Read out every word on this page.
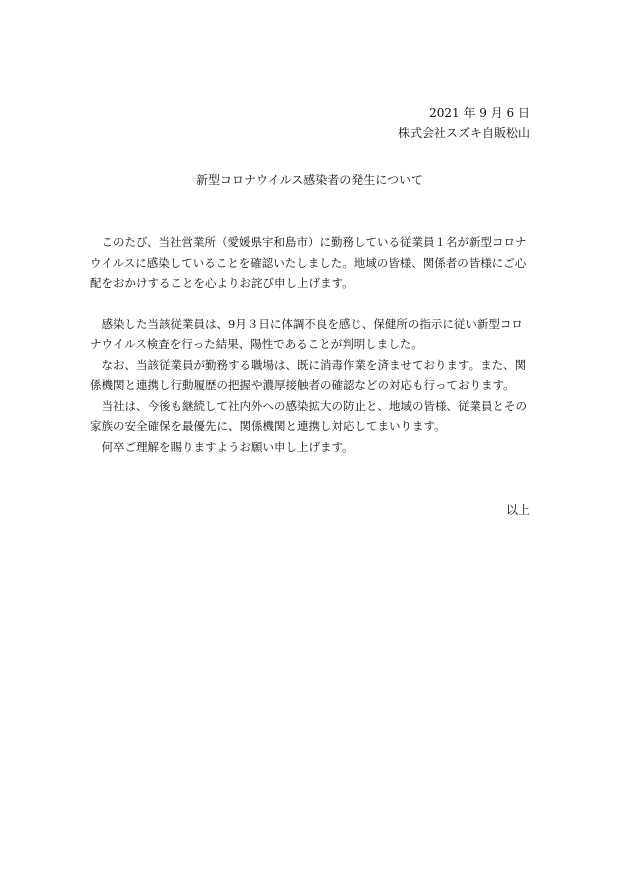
2021 年 9 月 6 日
株式会社スズキ自販松山
新型コロナウイルス感染者の発生について

このたび、当社営業所（愛媛県宇和島市）に勤務している従業員１名が新型コロナウイルスに感染していることを確認いたしました。地域の皆様、関係者の皆様にご心配をおかけすることを心よりお詫び申し上げます。

感染した当該従業員は、9月３日に体調不良を感じ、保健所の指示に従い新型コロナウイルス検査を行った結果、陽性であることが判明しました。

なお、当該従業員が勤務する職場は、既に消毒作業を済ませております。また、関係機関と連携し行動履歴の把握や濃厚接触者の確認などの対応も行っております。

当社は、今後も継続して社内外への感染拡大の防止と、地域の皆様、従業員とその家族の安全確保を最優先に、関係機関と連携し対応してまいります。

何卒ご理解を賜りますようお願い申し上げます。

以上
